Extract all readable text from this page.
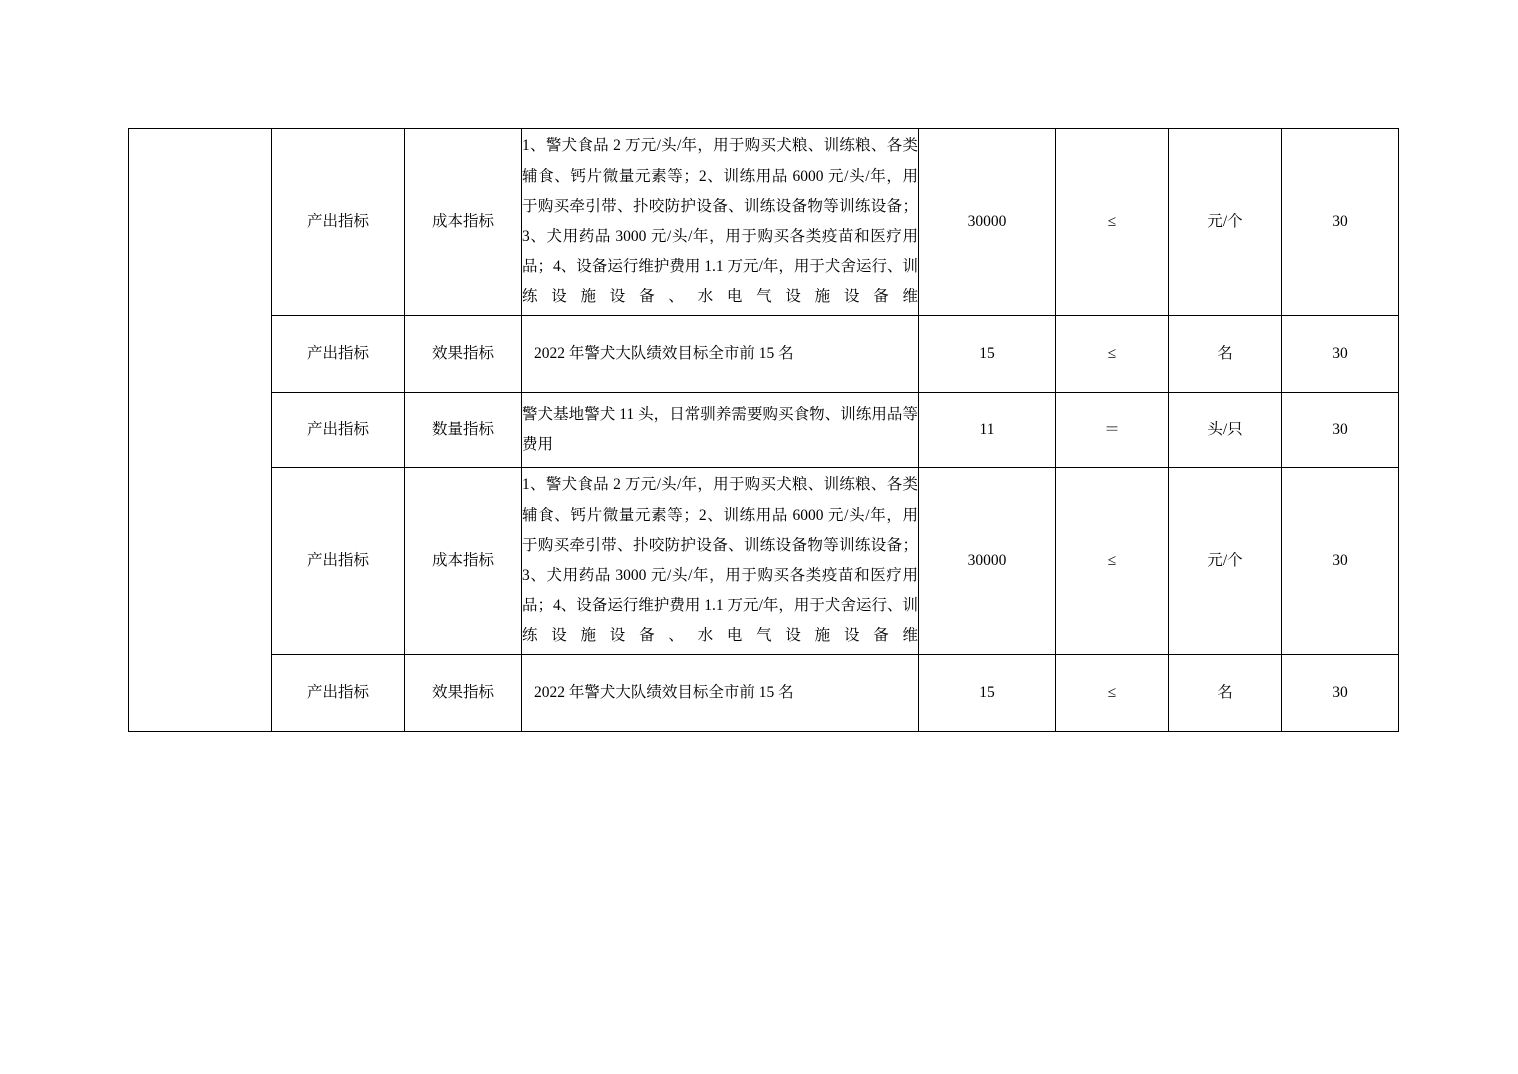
	产出指标	成本指标	1、警犬食品 2 万元/头/年，用于购买犬粮、训练粮、各类辅食、钙片微量元素等；2、训练用品 6000 元/头/年，用于购买牵引带、扑咬防护设备、训练设备物等训练设备；3、犬用药品 3000 元/头/年，用于购买各类疫苗和医疗用品；4、设备运行维护费用 1.1 万元/年，用于犬舍运行、训练设施设备、水电气设施设备维	30000	≤	元/个	30
	产出指标	效果指标	2022 年警犬大队绩效目标全市前 15 名	15	≤	名	30
	产出指标	数量指标	警犬基地警犬 11 头，日常驯养需要购买食物、训练用品等费用	11	＝	头/只	30
	产出指标	成本指标	1、警犬食品 2 万元/头/年，用于购买犬粮、训练粮、各类辅食、钙片微量元素等；2、训练用品 6000 元/头/年，用于购买牵引带、扑咬防护设备、训练设备物等训练设备；3、犬用药品 3000 元/头/年，用于购买各类疫苗和医疗用品；4、设备运行维护费用 1.1 万元/年，用于犬舍运行、训练设施设备、水电气设施设备维	30000	≤	元/个	30
	产出指标	效果指标	2022 年警犬大队绩效目标全市前 15 名	15	≤	名	30
